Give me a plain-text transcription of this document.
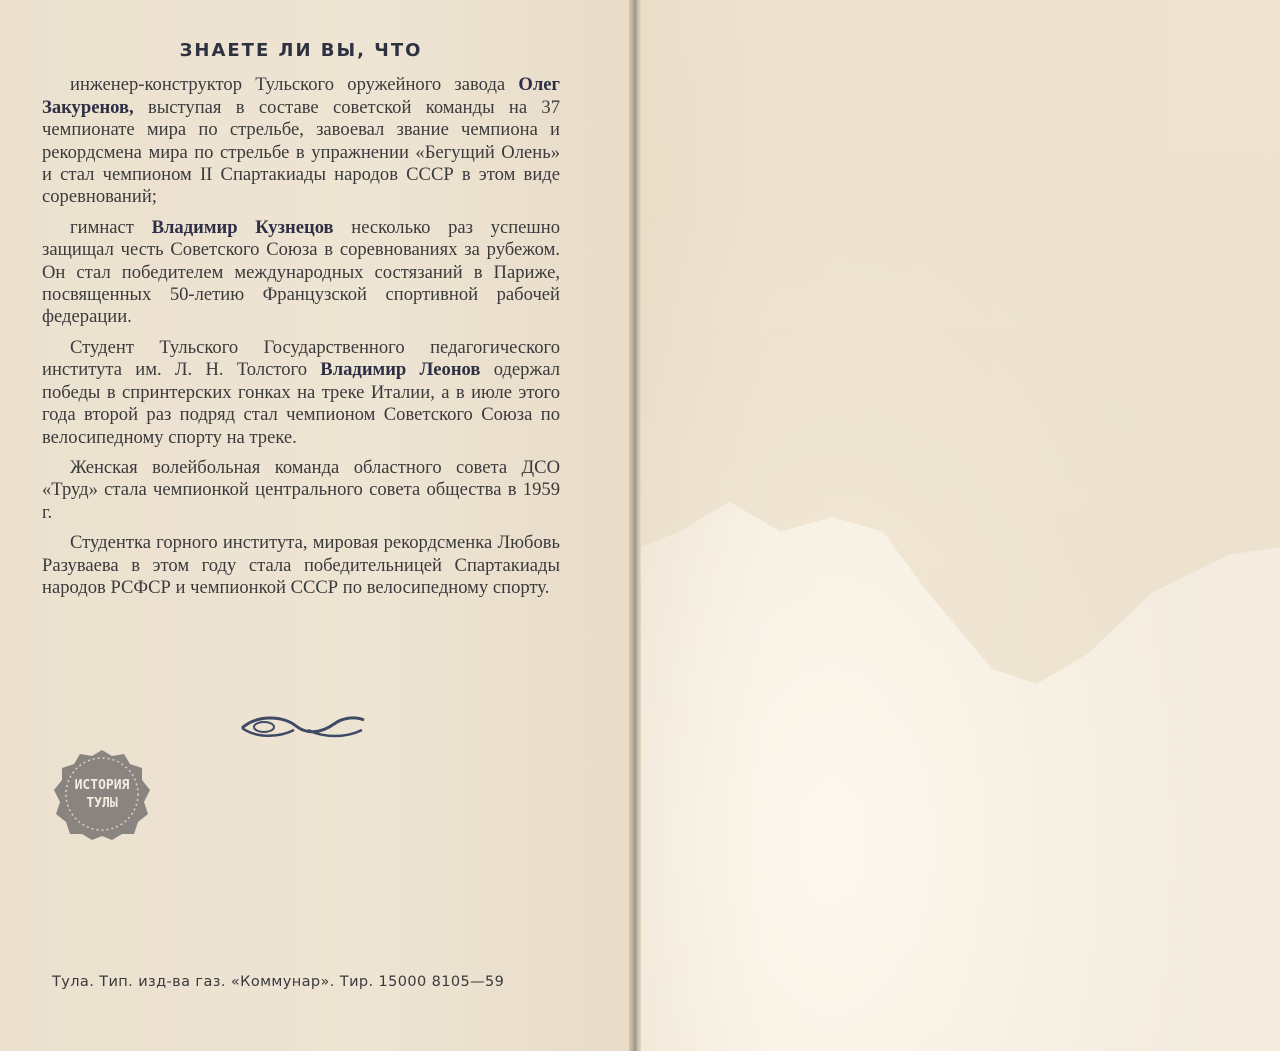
ЗНАЕТЕ ЛИ ВЫ, ЧТО

инженер-конструктор Тульского оружейного завода Олег Закуренов, выступая в составе советской команды на 37 чемпионате мира по стрельбе, завоевал звание чемпиона и рекордсмена мира по стрельбе в упражнении «Бегущий Олень» и стал чемпионом II Спартакиады народов СССР в этом виде соревнований;

гимнаст Владимир Кузнецов несколько раз успешно защищал честь Советского Союза в соревнованиях за рубежом. Он стал победителем международных состязаний в Париже, посвященных 50-летию Французской спортивной рабочей федерации.

Студент Тульского Государственного педагогического института им. Л. Н. Толстого Владимир Леонов одержал победы в спринтерских гонках на треке Италии, а в июле этого года второй раз подряд стал чемпионом Советского Союза по велосипедному спорту на треке.

Женская волейбольная команда областного совета ДСО «Труд» стала чемпионкой центрального совета общества в 1959 г.

Студентка горного института, мировая рекордсменка Любовь Разуваева в этом году стала победительницей Спартакиады народов РСФСР и чемпионкой СССР по велосипедному спорту.

ИСТОРИЯ
ТУЛЫ
Тула. Тип. изд-ва газ. «Коммунар». Тир. 15000 8105—59
